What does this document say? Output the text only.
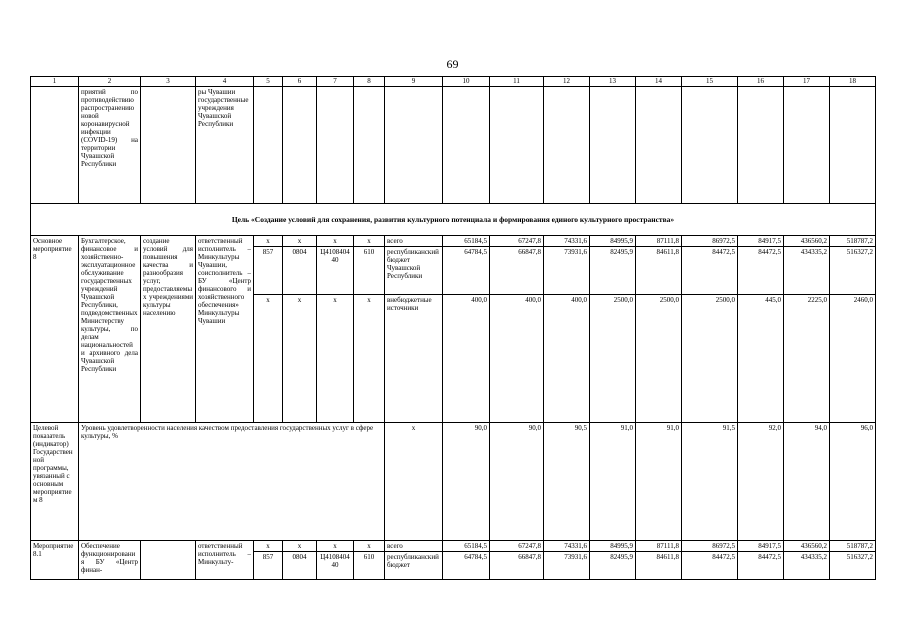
69
1	2	3	4	5	6	7	8	9	10	11	12	13	14	15	16	17	18
	приятий по противодействию распространению новой коронавирусной инфекции (COVID-19) на территории Чувашской Республики		ры Чувашии государственные учреждения Чувашской Республики														
Цель «Создание условий для сохранения, развития культурного потенциала и формирования единого культурного пространства»																	
Основное мероприятие 8	Бухгалтерское, финансовое и хозяйственно-эксплуатационное обслуживание государственных учреждений Чувашской Республики, подведомственных Министерству культуры, по делам национальностей и архивного дела Чувашской Республики	создание условий для повышения качества и разнообразия услуг, предоставляемых учреждениями культуры населению	ответственный исполнитель – Минкультуры Чувашии, соисполнитель – БУ «Центр финансового и хозяйственного обеспечения» Минкультуры Чувашии	x	x	x	x	всего	65184,5	67247,8	74331,6	84995,9	87111,8	86972,5	84917,5	436560,2	518787,2
				857	0804	Ц410840440	610	республиканский бюджет Чувашской Республики	64784,5	66847,8	73931,6	82495,9	84611,8	84472,5	84472,5	434335,2	516327,2
				x	x	x	x	внебюджетные источники	400,0	400,0	400,0	2500,0	2500,0	2500,0	445,0	2225,0	2460,0
Целевой показатель (индикатор) Государственной программы, увязанный с основным мероприятием 8	Уровень удовлетворенности населения качеством предоставления государственных услуг в сфере культуры, %							x	90,0	90,0	90,5	91,0	91,0	91,5	92,0	94,0	96,0
Мероприятие 8.1	Обеспечение функционирования БУ «Центр финан-		ответственный исполнитель – Минкульту-	x	x	x	x	всего	65184,5	67247,8	74331,6	84995,9	87111,8	86972,5	84917,5	436560,2	518787,2
				857	0804	Ц410840440	610	республиканский бюджет	64784,5	66847,8	73931,6	82495,9	84611,8	84472,5	84472,5	434335,2	516327,2
